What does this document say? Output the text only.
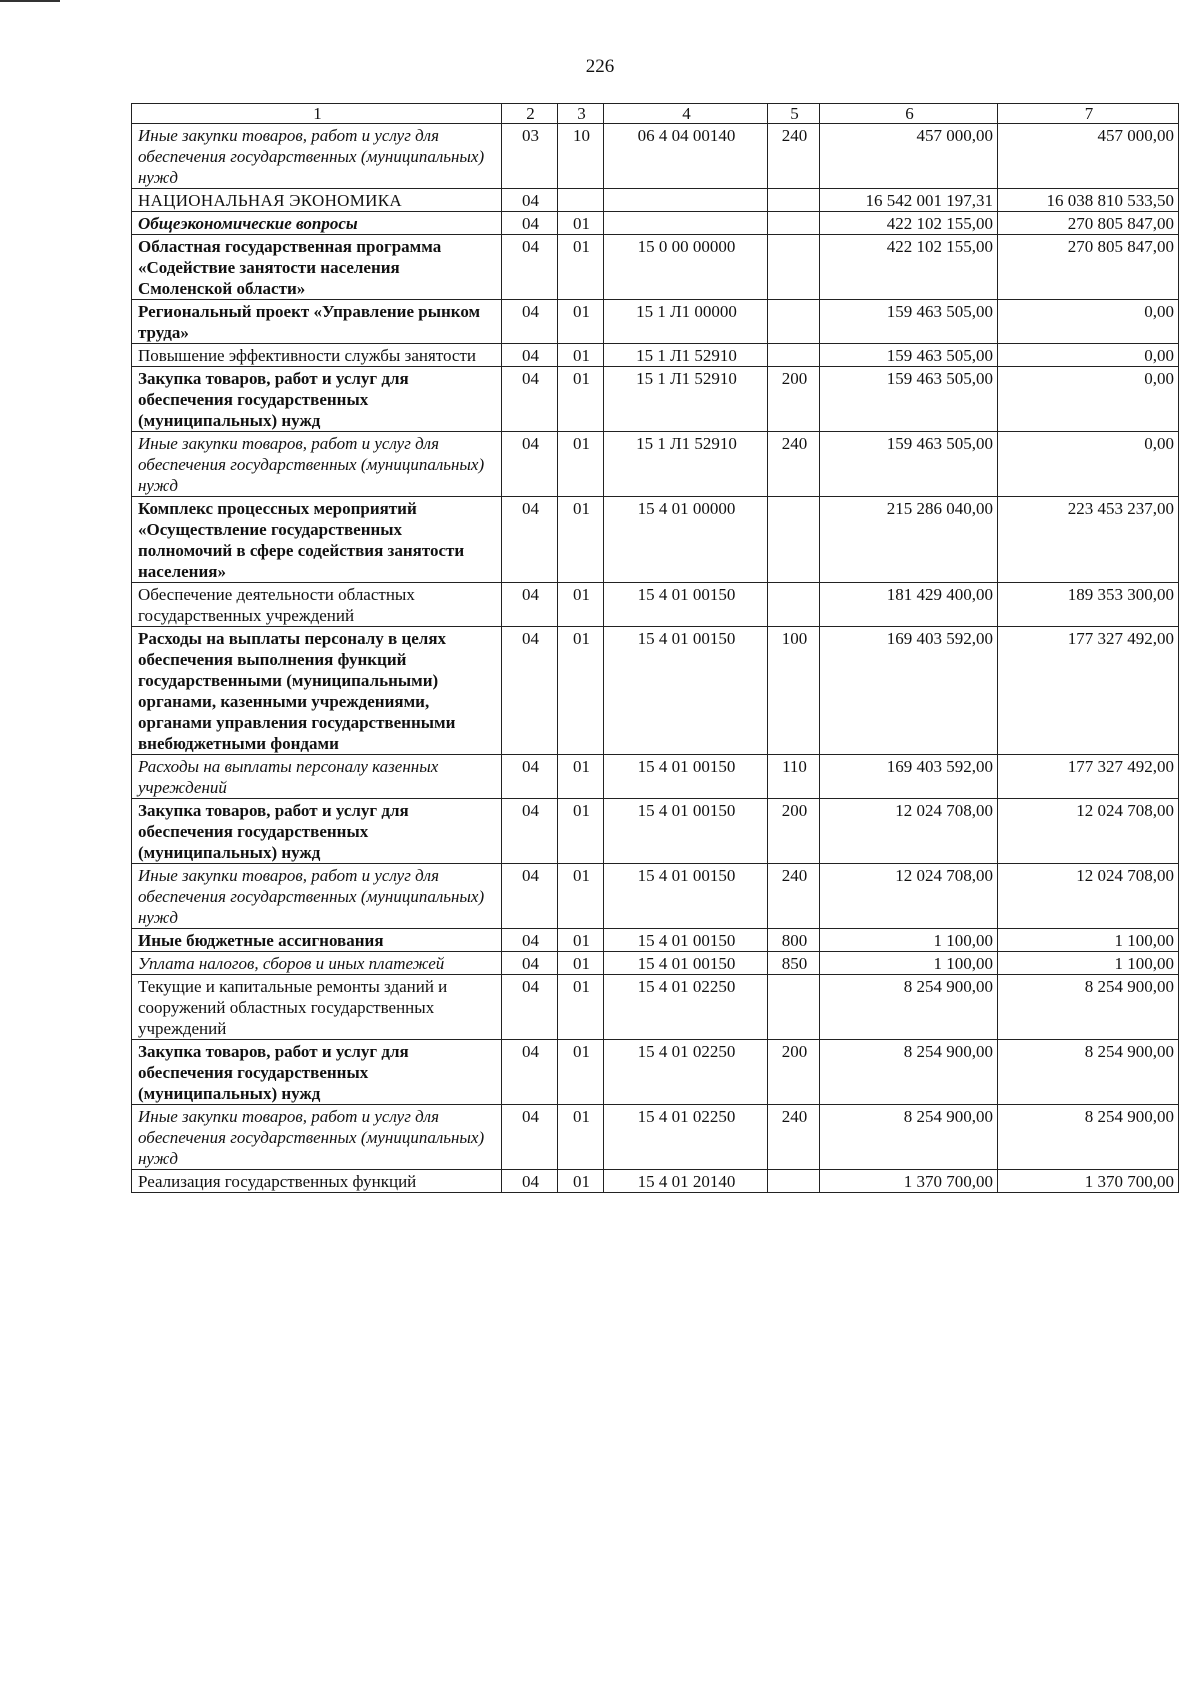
226
1	2	3	4	5	6	7
Иные закупки товаров, работ и услуг для обеспечения государственных (муниципальных) нужд	03	10	06 4 04 00140	240	457 000,00	457 000,00
НАЦИОНАЛЬНАЯ ЭКОНОМИКА	04				16 542 001 197,31	16 038 810 533,50
Общеэкономические вопросы	04	01			422 102 155,00	270 805 847,00
Областная государственная программа «Содействие занятости населения Смоленской области»	04	01	15 0 00 00000		422 102 155,00	270 805 847,00
Региональный проект «Управление рынком труда»	04	01	15 1 Л1 00000		159 463 505,00	0,00
Повышение эффективности службы занятости	04	01	15 1 Л1 52910		159 463 505,00	0,00
Закупка товаров, работ и услуг для обеспечения государственных (муниципальных) нужд	04	01	15 1 Л1 52910	200	159 463 505,00	0,00
Иные закупки товаров, работ и услуг для обеспечения государственных (муниципальных) нужд	04	01	15 1 Л1 52910	240	159 463 505,00	0,00
Комплекс процессных мероприятий «Осуществление государственных полномочий в сфере содействия занятости населения»	04	01	15 4 01 00000		215 286 040,00	223 453 237,00
Обеспечение деятельности областных государственных учреждений	04	01	15 4 01 00150		181 429 400,00	189 353 300,00
Расходы на выплаты персоналу в целях обеспечения выполнения функций государственными (муниципальными) органами, казенными учреждениями, органами управления государственными внебюджетными фондами	04	01	15 4 01 00150	100	169 403 592,00	177 327 492,00
Расходы на выплаты персоналу казенных учреждений	04	01	15 4 01 00150	110	169 403 592,00	177 327 492,00
Закупка товаров, работ и услуг для обеспечения государственных (муниципальных) нужд	04	01	15 4 01 00150	200	12 024 708,00	12 024 708,00
Иные закупки товаров, работ и услуг для обеспечения государственных (муниципальных) нужд	04	01	15 4 01 00150	240	12 024 708,00	12 024 708,00
Иные бюджетные ассигнования	04	01	15 4 01 00150	800	1 100,00	1 100,00
Уплата налогов, сборов и иных платежей	04	01	15 4 01 00150	850	1 100,00	1 100,00
Текущие и капитальные ремонты зданий и сооружений областных государственных учреждений	04	01	15 4 01 02250		8 254 900,00	8 254 900,00
Закупка товаров, работ и услуг для обеспечения государственных (муниципальных) нужд	04	01	15 4 01 02250	200	8 254 900,00	8 254 900,00
Иные закупки товаров, работ и услуг для обеспечения государственных (муниципальных) нужд	04	01	15 4 01 02250	240	8 254 900,00	8 254 900,00
Реализация государственных функций	04	01	15 4 01 20140		1 370 700,00	1 370 700,00
